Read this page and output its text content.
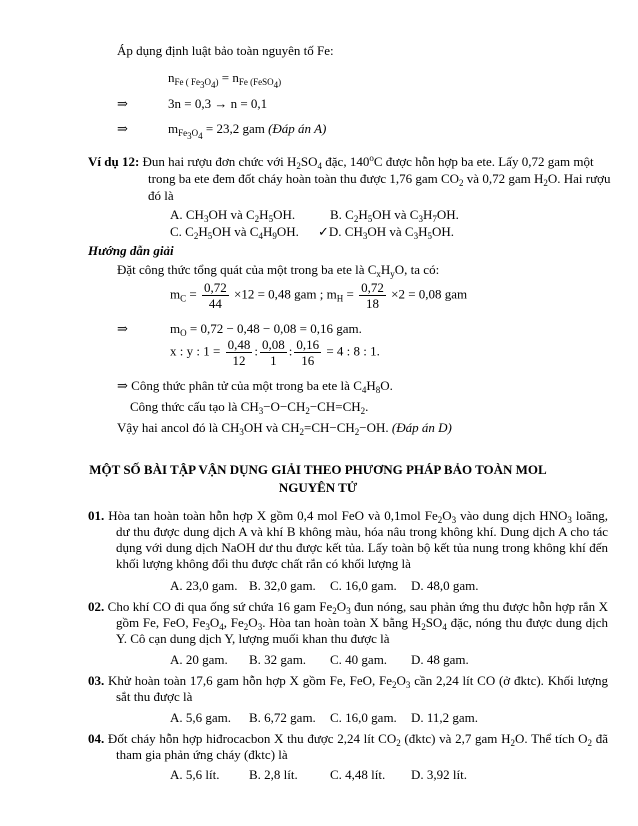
Áp dụng định luật bảo toàn nguyên tố Fe:
$n_{Fe ( Fe_3O_4)} = n_{Fe (FeSO_4)}$
⇒	3n = 0,3 → n = 0,1
⇒	$m_{Fe_3O_4} = 23,2$ gam (Đáp án A)
Ví dụ 12: Đun hai rượu đơn chức với $H_2SO_4$ đặc, 140$^o$C được hỗn hợp ba ete. Lấy 0,72 gam một
trong ba ete đem đốt cháy hoàn toàn thu được 1,76 gam $CO_2$ và 0,72 gam $H_2O$. Hai rượu
đó là
A. $CH_3OH$ và $C_2H_5OH$.	B. $C_2H_5OH$ và $C_3H_7OH$.
C. $C_2H_5OH$ và $C_4H_9OH$. ✓D. $CH_3OH$ và $C_3H_5OH$.
Hướng dẫn giải
Đặt công thức tổng quát của một trong ba ete là $C_xH_yO$, ta có:
$m_C = \frac{0,72}{44} \times 12 = 0,48$ gam ; $m_H = \frac{0,72}{18} \times 2 = 0,08$ gam
⇒	$m_O = 0,72 - 0,48 - 0,08 = 0,16$ gam.
x : y : $1 = \frac{0,48}{12}$ : $\frac{0,08}{1}$ : $\frac{0,16}{16} = 4$ : 8 : 1.
⇒ Công thức phân tử của một trong ba ete là $C_4H_8O$.
Công thức cấu tạo là $CH_3-O-CH_2-CH=CH_2$.
Vậy hai ancol đó là $CH_3OH$ và $CH_2=CH-CH_2-OH$. (Đáp án D)
MỘT SỐ BÀI TẬP VẬN DỤNG GIẢI THEO PHƯƠNG PHÁP BẢO TOÀN MOL
NGUYÊN TỬ
01. Hòa tan hoàn toàn hỗn hợp X gồm 0,4 mol FeO và 0,1mol $Fe_2O_3$ vào dung dịch $HNO_3$ loãng, dư thu được dung dịch A và khí B không màu, hóa nâu trong không khí. Dung dịch A cho tác dụng với dung dịch NaOH dư thu được kết tủa. Lấy toàn bộ kết tủa nung trong không khí đến khối lượng không đổi thu được chất rắn có khối lượng là
A. 23,0 gam. B. 32,0 gam. C. 16,0 gam. D. 48,0 gam.
02. Cho khí CO đi qua ống sứ chứa 16 gam $Fe_2O_3$ đun nóng, sau phản ứng thu được hỗn hợp rắn X gồm Fe, FeO, $Fe_3O_4$, $Fe_2O_3$. Hòa tan hoàn toàn X bằng $H_2SO_4$ đặc, nóng thu được dung dịch Y. Cô cạn dung dịch Y, lượng muối khan thu được là
A. 20 gam. B. 32 gam. C. 40 gam. D. 48 gam.
03. Khử hoàn toàn 17,6 gam hỗn hợp X gồm Fe, FeO, $Fe_2O_3$ cần 2,24 lít CO (ở đktc). Khối lượng sắt thu được là
A. 5,6 gam. B. 6,72 gam. C. 16,0 gam. D. 11,2 gam.
04. Đốt cháy hỗn hợp hiđrocacbon X thu được 2,24 lít $CO_2$ (đktc) và 2,7 gam $H_2O$. Thể tích $O_2$ đã tham gia phản ứng cháy (đktc) là
A. 5,6 lít. B. 2,8 lít. C. 4,48 lít. D. 3,92 lít.
